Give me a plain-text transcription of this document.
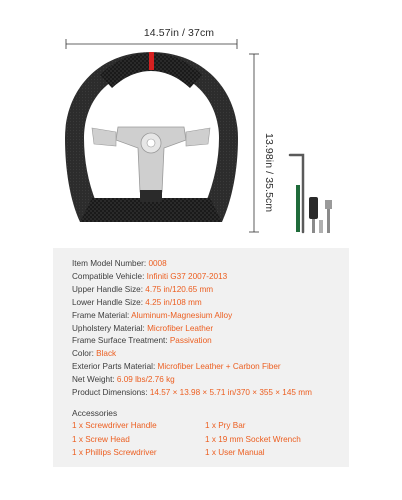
14.57in / 37cm
13.98in / 35.5cm
Item Model Number: 0008
Compatible Vehicle: Infiniti G37 2007-2013
Upper Handle Size: 4.75 in/120.65 mm
Lower Handle Size: 4.25 in/108 mm
Frame Material: Aluminum-Magnesium Alloy
Upholstery Material: Microfiber Leather
Frame Surface Treatment: Passivation
Color: Black
Exterior Parts Material: Microfiber Leather + Carbon Fiber
Net Weight: 6.09 lbs/2.76 kg
Product Dimensions: 14.57 × 13.98 × 5.71 in/370 × 355 × 145 mm
Accessories
1 x Screwdriver Handle
1 x Screw Head
1 x Phillips Screwdriver
1 x Pry Bar
1 x 19 mm Socket Wrench
1 x User Manual
